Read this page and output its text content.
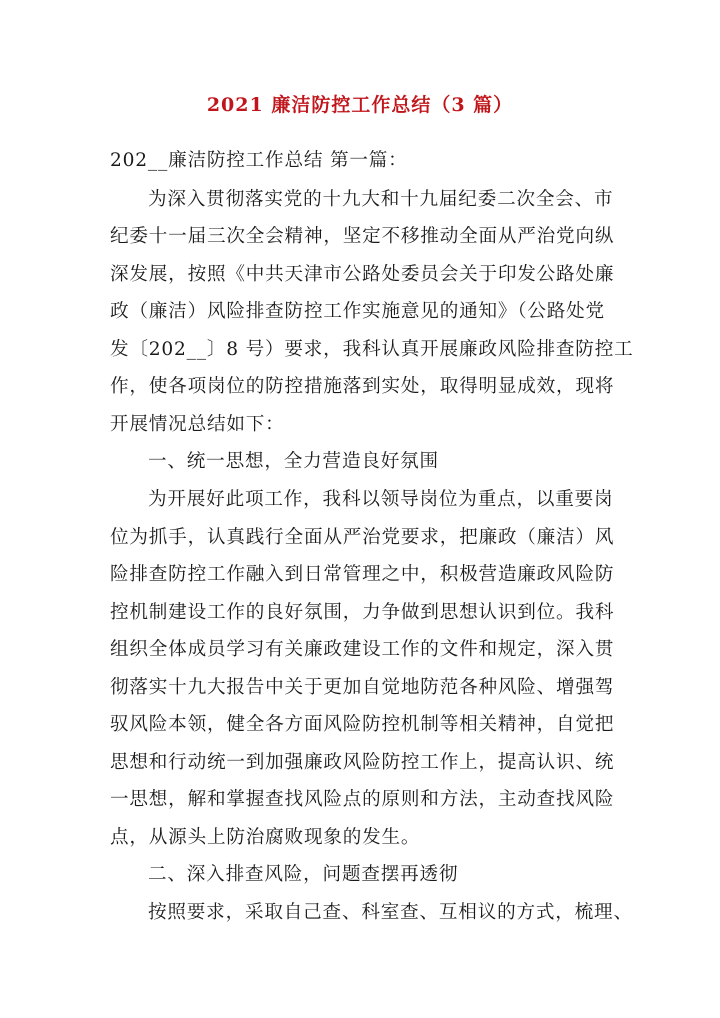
2021 廉洁防控工作总结（3 篇）
202__廉洁防控工作总结 第一篇：
为深入贯彻落实党的十九大和十九届纪委二次全会、市
纪委十一届三次全会精神，坚定不移推动全面从严治党向纵
深发展，按照《中共天津市公路处委员会关于印发公路处廉
政（廉洁）风险排查防控工作实施意见的通知》（公路处党
发〔202__〕8 号）要求，我科认真开展廉政风险排查防控工
作，使各项岗位的防控措施落到实处，取得明显成效，现将
开展情况总结如下：
一、统一思想，全力营造良好氛围
为开展好此项工作，我科以领导岗位为重点，以重要岗
位为抓手，认真践行全面从严治党要求，把廉政（廉洁）风
险排查防控工作融入到日常管理之中，积极营造廉政风险防
控机制建设工作的良好氛围，力争做到思想认识到位。我科
组织全体成员学习有关廉政建设工作的文件和规定，深入贯
彻落实十九大报告中关于更加自觉地防范各种风险、增强驾
驭风险本领，健全各方面风险防控机制等相关精神，自觉把
思想和行动统一到加强廉政风险防控工作上，提高认识、统
一思想，解和掌握查找风险点的原则和方法，主动查找风险
点，从源头上防治腐败现象的发生。
二、深入排查风险，问题查摆再透彻
按照要求，采取自己查、科室查、互相议的方式，梳理、
